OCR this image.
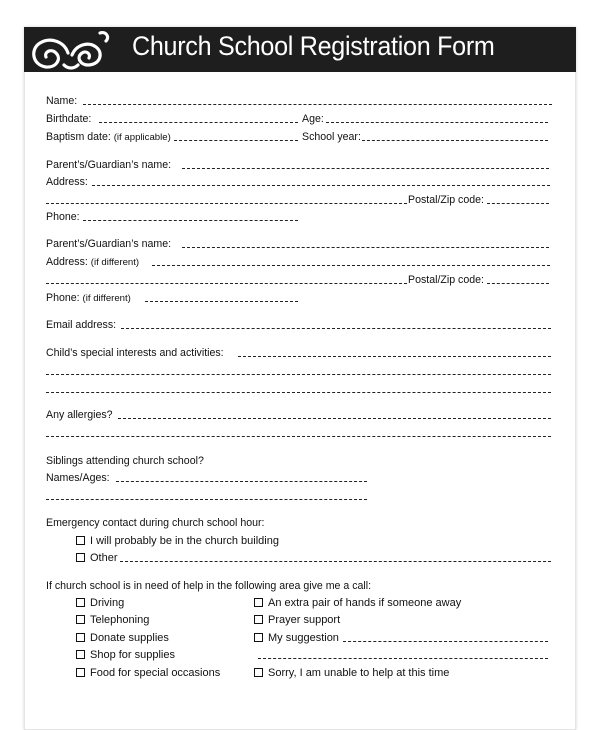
Church School Registration Form
Name:
Birthdate:	Age:
Baptism date: (if applicable)	School year:
Parent’s/Guardian’s name:
Address:
Postal/Zip code:
Phone:
Parent’s/Guardian’s name:
Address: (if different)
Postal/Zip code:
Phone: (if different)
Email address:
Child’s special interests and activities:
Any allergies?
Siblings attending church school?
Names/Ages:
Emergency contact during church school hour:
I will probably be in the church building
Other
If church school is in need of help in the following area give me a call:
Driving
Telephoning
Donate supplies
Shop for supplies
Food for special occasions
An extra pair of hands if someone away
Prayer support
My suggestion
Sorry, I am unable to help at this time
